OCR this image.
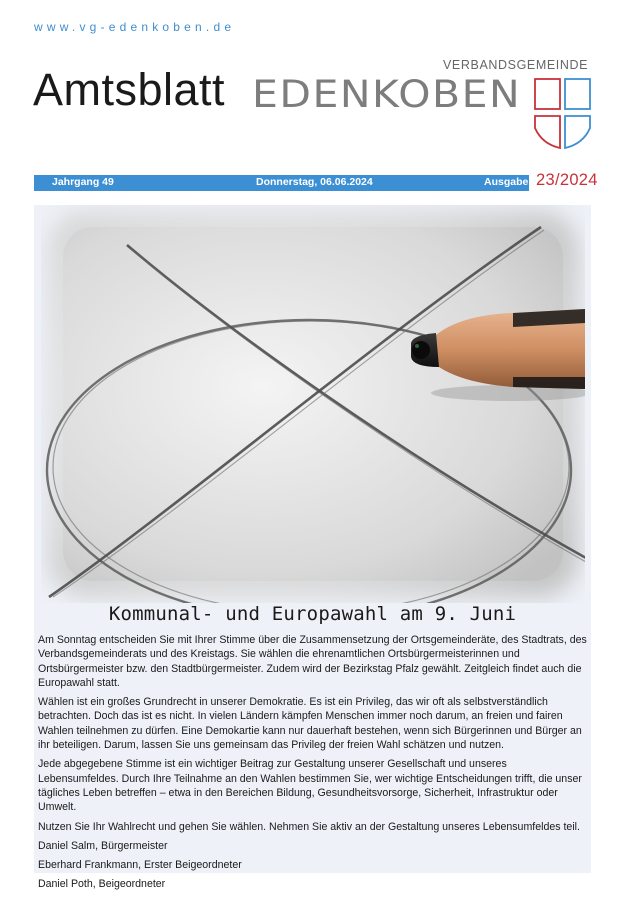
www.vg-edenkoben.de
Amtsblatt	VERBANDSGEMEINDE
EDENKOBEN
Jahrgang 49	Donnerstag, 06.06.2024	Ausgabe 23/2024
Kommunal- und Europawahl am 9. Juni

Am Sonntag entscheiden Sie mit Ihrer Stimme über die Zusammensetzung der Ortsgemeinderäte, des Stadtrats, des Verbandsgemeinderats und des Kreistags. Sie wählen die ehrenamtlichen Ortsbürgermeisterinnen und Ortsbürgermeister bzw. den Stadtbürgermeister. Zudem wird der Bezirkstag Pfalz gewählt. Zeitgleich findet auch die Europawahl statt.

Wählen ist ein großes Grundrecht in unserer Demokratie. Es ist ein Privileg, das wir oft als selbstverständlich betrachten. Doch das ist es nicht. In vielen Ländern kämpfen Menschen immer noch darum, an freien und fairen Wahlen teilnehmen zu dürfen. Eine Demokartie kann nur dauerhaft bestehen, wenn sich Bürgerinnen und Bürger an ihr beteiligen. Darum, lassen Sie uns gemeinsam das Privileg der freien Wahl schätzen und nutzen.

Jede abgegebene Stimme ist ein wichtiger Beitrag zur Gestaltung unserer Gesellschaft und unseres Lebensumfeldes. Durch Ihre Teilnahme an den Wahlen bestimmen Sie, wer wichtige Entscheidungen trifft, die unser tägliches Leben betreffen – etwa in den Bereichen Bildung, Gesundheitsvorsorge, Sicherheit, Infrastruktur oder Umwelt.

Nutzen Sie Ihr Wahlrecht und gehen Sie wählen. Nehmen Sie aktiv an der Gestaltung unseres Lebensumfeldes teil.

Daniel Salm, Bürgermeister

Eberhard Frankmann, Erster Beigeordneter

Daniel Poth, Beigeordneter
